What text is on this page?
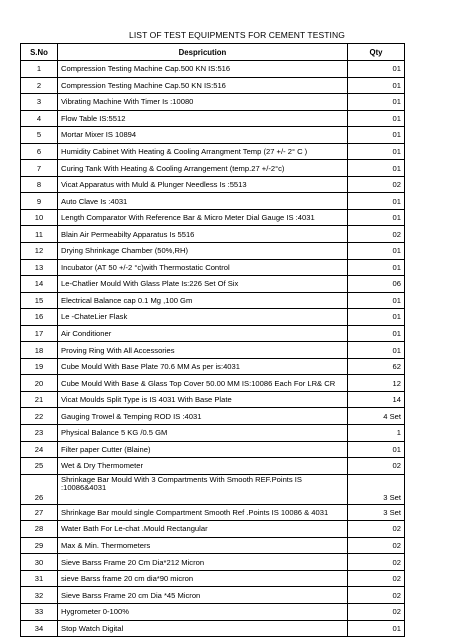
LIST OF TEST EQUIPMENTS FOR CEMENT TESTING
S.No	Despricution	Qty
1	Compression Testing Machine Cap.500 KN IS:516	01
2	Compression Testing Machine Cap.50 KN IS:516	01
3	Vibrating Machine With Timer Is :10080	01
4	Flow Table IS:5512	01
5	Mortar Mixer IS 10894	01
6	Humidity Cabinet With Heating & Cooling Arrangment Temp (27 +/- 2° C )	01
7	Curing Tank With Heating & Cooling Arrangement (temp.27 +/-2°c)	01
8	Vicat Apparatus with Muld & Plunger Needless Is :5513	02
9	Auto Clave Is :4031	01
10	Length Comparator With Reference Bar & Micro Meter Dial Gauge IS :4031	01
11	Blain Air Permeabilty Apparatus Is 5516	02
12	Drying Shrinkage Chamber (50%,RH)	01
13	Incubator (AT 50 +/-2 °c)with Thermostatic Control	01
14	Le-Chatlier Mould With Glass Plate Is:226 Set Of Six	06
15	Electrical Balance cap 0.1 Mg ,100 Gm	01
16	Le -ChateLier Flask	01
17	Air Conditioner	01
18	Proving Ring With All Accessories	01
19	Cube Mould With Base Plate 70.6 MM As per is:4031	62
20	Cube Mould With Base & Glass Top Cover 50.00 MM IS:10086 Each For LR& CR	12
21	Vicat Moulds Split Type is IS 4031 With Base Plate	14
22	Gauging Trowel & Temping ROD IS :4031	4 Set
23	Physical Balance 5 KG /0.5 GM	1
24	Filter paper Cutter (Blaine)	01
25	Wet & Dry Thermometer	02
26	Shrinkage Bar Mould With 3 Compartments With Smooth REF.Points IS :10086&4031	3 Set
27	Shrinkage Bar mould single Compartment Smooth Ref .Points IS 10086 & 4031	3 Set
28	Water Bath For Le-chat .Mould Rectangular	02
29	Max & Min. Thermometers	02
30	Sieve Barss Frame 20 Cm Dia*212 Micron	02
31	sieve Barss frame 20 cm dia*90 micron	02
32	Sieve Barss Frame 20 cm Dia *45 Micron	02
33	Hygrometer 0-100%	02
34	Stop Watch Digital	01
